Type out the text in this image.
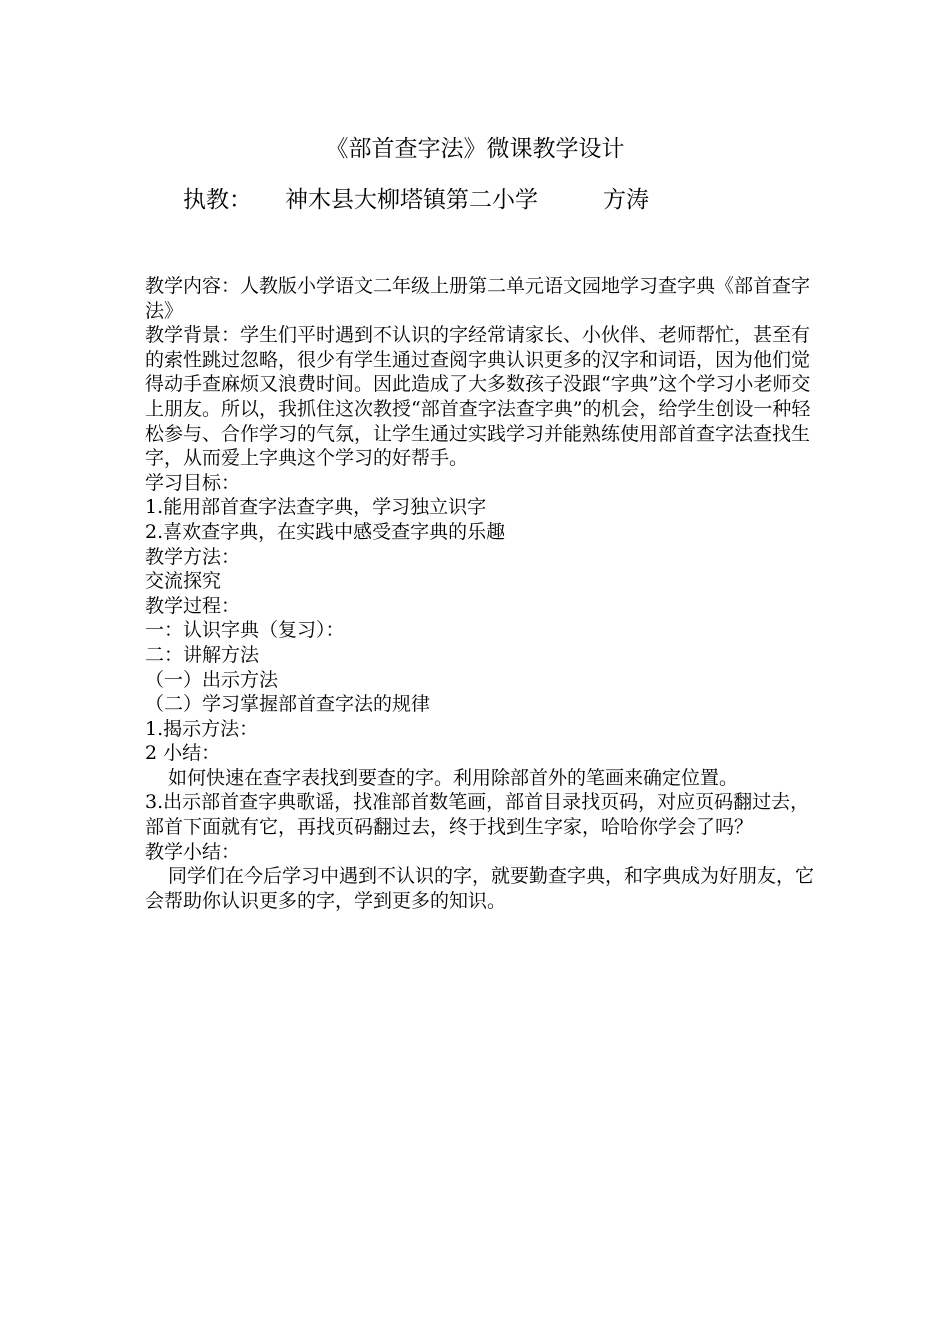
《部首查字法》微课教学设计
执教： 神木县大柳塔镇第二小学	方涛

教学内容：人教版小学语文二年级上册第二单元语文园地学习查字典《部首查字法》

教学背景：学生们平时遇到不认识的字经常请家长、小伙伴、老师帮忙，甚至有的索性跳过忽略，很少有学生通过查阅字典认识更多的汉字和词语，因为他们觉得动手查麻烦又浪费时间。因此造成了大多数孩子没跟“字典”这个学习小老师交上朋友。所以，我抓住这次教授“部首查字法查字典”的机会，给学生创设一种轻松参与、合作学习的气氛，让学生通过实践学习并能熟练使用部首查字法查找生字，从而爱上字典这个学习的好帮手。

学习目标：

1.能用部首查字法查字典，学习独立识字

2.喜欢查字典，在实践中感受查字典的乐趣

教学方法：

交流探究

教学过程：

一：认识字典（复习）：

二：讲解方法

（一）出示方法

（二）学习掌握部首查字法的规律

1.揭示方法：

2 小结：

如何快速在查字表找到要查的字。利用除部首外的笔画来确定位置。

3.出示部首查字典歌谣，找准部首数笔画，部首目录找页码，对应页码翻过去，部首下面就有它，再找页码翻过去，终于找到生字家，哈哈你学会了吗？

教学小结：

同学们在今后学习中遇到不认识的字，就要勤查字典，和字典成为好朋友，它会帮助你认识更多的字，学到更多的知识。
